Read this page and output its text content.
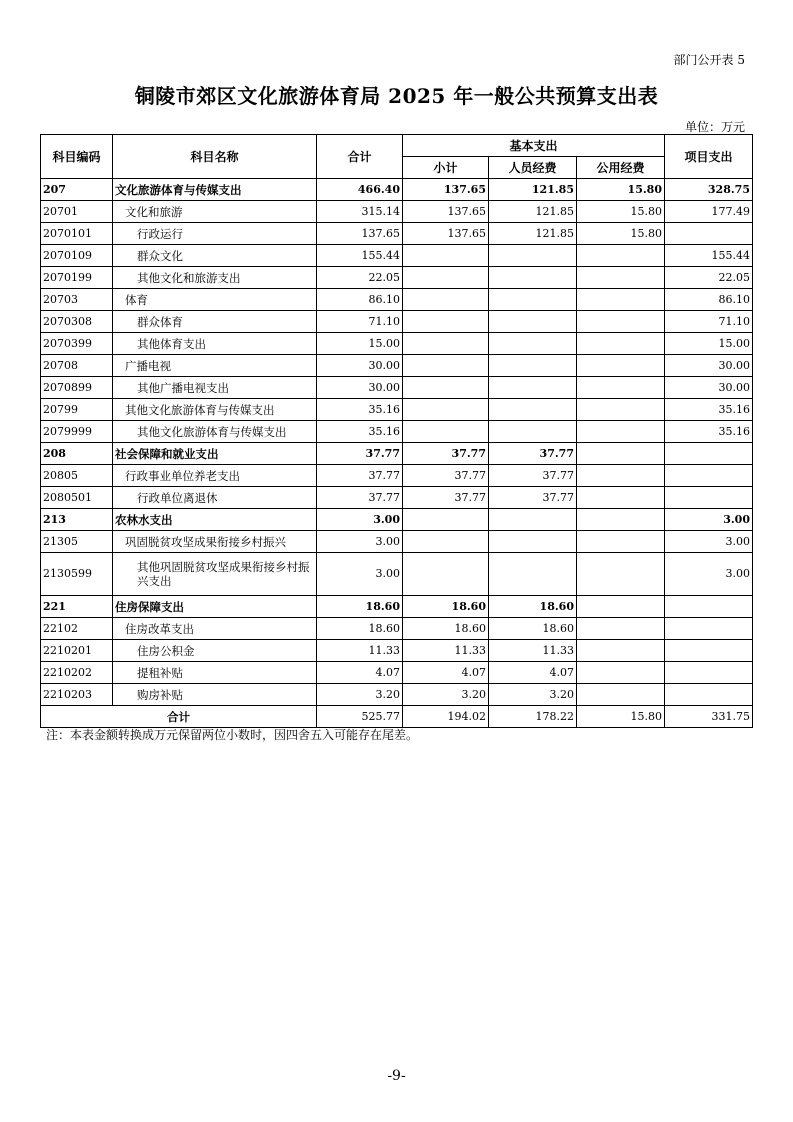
部门公开表 5
铜陵市郊区文化旅游体育局 2025 年一般公共预算支出表
单位：万元
科目编码	科目名称	合计	基本支出			项目支出
			小计	人员经费	公用经费	
207	文化旅游体育与传媒支出	466.40	137.65	121.85	15.80	328.75
20701	文化和旅游	315.14	137.65	121.85	15.80	177.49
2070101	行政运行	137.65	137.65	121.85	15.80	
2070109	群众文化	155.44				155.44
2070199	其他文化和旅游支出	22.05				22.05
20703	体育	86.10				86.10
2070308	群众体育	71.10				71.10
2070399	其他体育支出	15.00				15.00
20708	广播电视	30.00				30.00
2070899	其他广播电视支出	30.00				30.00
20799	其他文化旅游体育与传媒支出	35.16				35.16
2079999	其他文化旅游体育与传媒支出	35.16				35.16
208	社会保障和就业支出	37.77	37.77	37.77		
20805	行政事业单位养老支出	37.77	37.77	37.77		
2080501	行政单位离退休	37.77	37.77	37.77		
213	农林水支出	3.00				3.00
21305	巩固脱贫攻坚成果衔接乡村振兴	3.00				3.00
2130599	其他巩固脱贫攻坚成果衔接乡村振兴支出	3.00				3.00
221	住房保障支出	18.60	18.60	18.60		
22102	住房改革支出	18.60	18.60	18.60		
2210201	住房公积金	11.33	11.33	11.33		
2210202	提租补贴	4.07	4.07	4.07		
2210203	购房补贴	3.20	3.20	3.20		
合计		525.77	194.02	178.22	15.80	331.75
注：本表金额转换成万元保留两位小数时，因四舍五入可能存在尾差。
-9-
